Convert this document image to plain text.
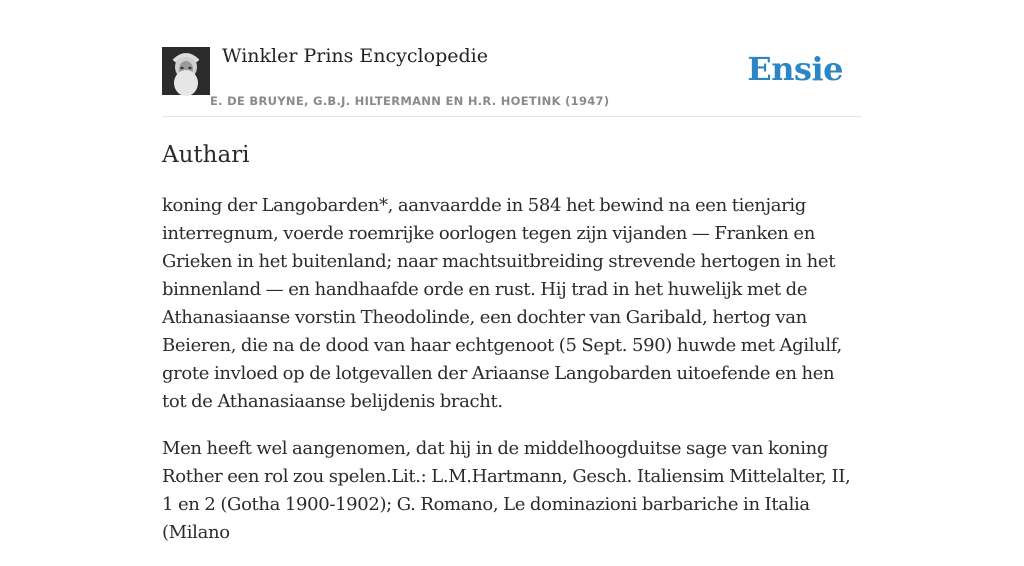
Winkler Prins Encyclopedie
E. DE BRUYNE, G.B.J. HILTERMANN EN H.R. HOETINK (1947)
Ensie
Authari

koning der Langobarden*, aanvaardde in 584 het bewind na een tienjarig interregnum, voerde roemrijke oorlogen tegen zijn vijanden — Franken en Grieken in het buitenland; naar machtsuitbreiding strevende hertogen in het binnenland — en handhaafde orde en rust. Hij trad in het huwelijk met de Athanasiaanse vorstin Theodolinde, een dochter van Garibald, hertog van Beieren, die na de dood van haar echtgenoot (5 Sept. 590) huwde met Agilulf, grote invloed op de lotgevallen der Ariaanse Langobarden uitoefende en hen tot de Athanasiaanse belijdenis bracht.

Men heeft wel aangenomen, dat hij in de middelhoogduitse sage van koning Rother een rol zou spelen.Lit.: L.M.Hartmann, Gesch. Italiensim Mittelalter, II, 1 en 2 (Gotha 1900-1902); G. Romano, Le dominazioni barbariche in Italia (Milano
